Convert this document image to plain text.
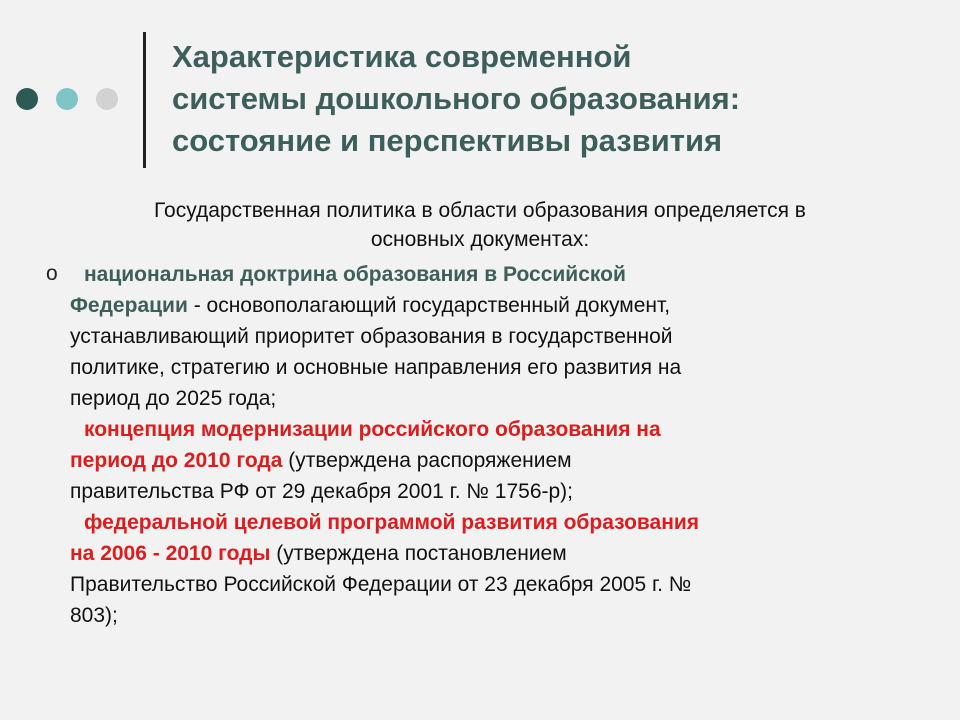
Характеристика современной
системы дошкольного образования:
состояние и перспективы развития
Государственная политика в области образования определяется в
основных документах:
o	национальная доктрина образования в Российской
Федерации - основополагающий государственный документ,
устанавливающий приоритет образования в государственной
политике, стратегию и основные направления его развития на
период до 2025 года;
концепция модернизации российского образования на
период до 2010 года (утверждена распоряжением
правительства РФ от 29 декабря 2001 г. № 1756-р);
федеральной целевой программой развития образования
на 2006 - 2010 годы (утверждена постановлением
Правительство Российской Федерации от 23 декабря 2005 г. №
803);
